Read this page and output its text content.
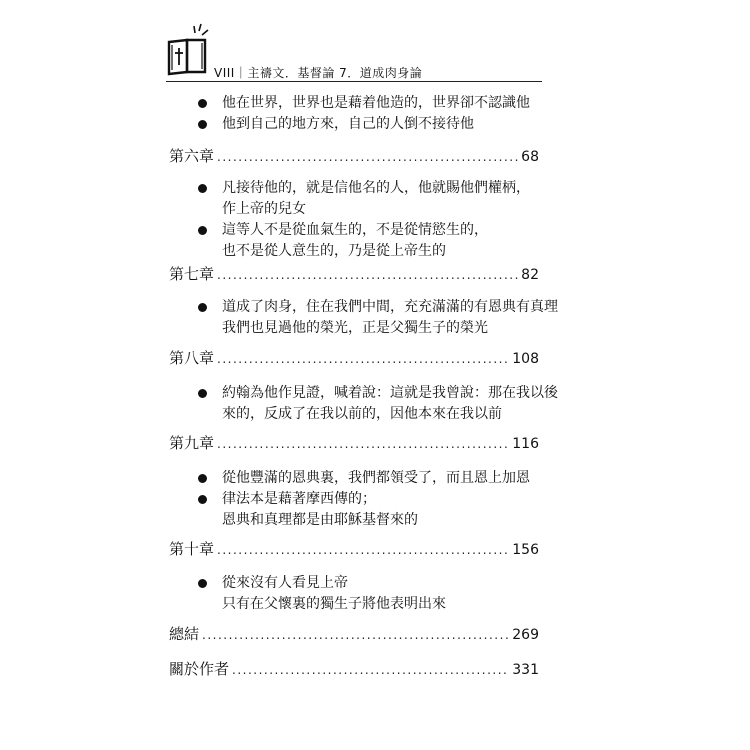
VIII｜主禱文．基督論 7．道成肉身論
他在世界，世界也是藉着他造的，世界卻不認識他
他到自己的地方來，自己的人倒不接待他
第六章 .....	68
凡接待他的，就是信他名的人，他就賜他們權柄，
作上帝的兒女
這等人不是從血氣生的，不是從情慾生的，
也不是從人意生的，乃是從上帝生的
第七章 .....	82
道成了肉身，住在我們中間，充充滿滿的有恩典有真理
我們也見過他的榮光，正是父獨生子的榮光
第八章 .....	108
約翰為他作見證，喊着說：這就是我曾說：那在我以後
來的，反成了在我以前的，因他本來在我以前
第九章 .....	116
從他豐滿的恩典裏，我們都領受了，而且恩上加恩
律法本是藉著摩西傳的；
恩典和真理都是由耶穌基督來的
第十章 .....	156
從來沒有人看見上帝
只有在父懷裏的獨生子將他表明出來
總結 .....	269
關於作者 .....	331
